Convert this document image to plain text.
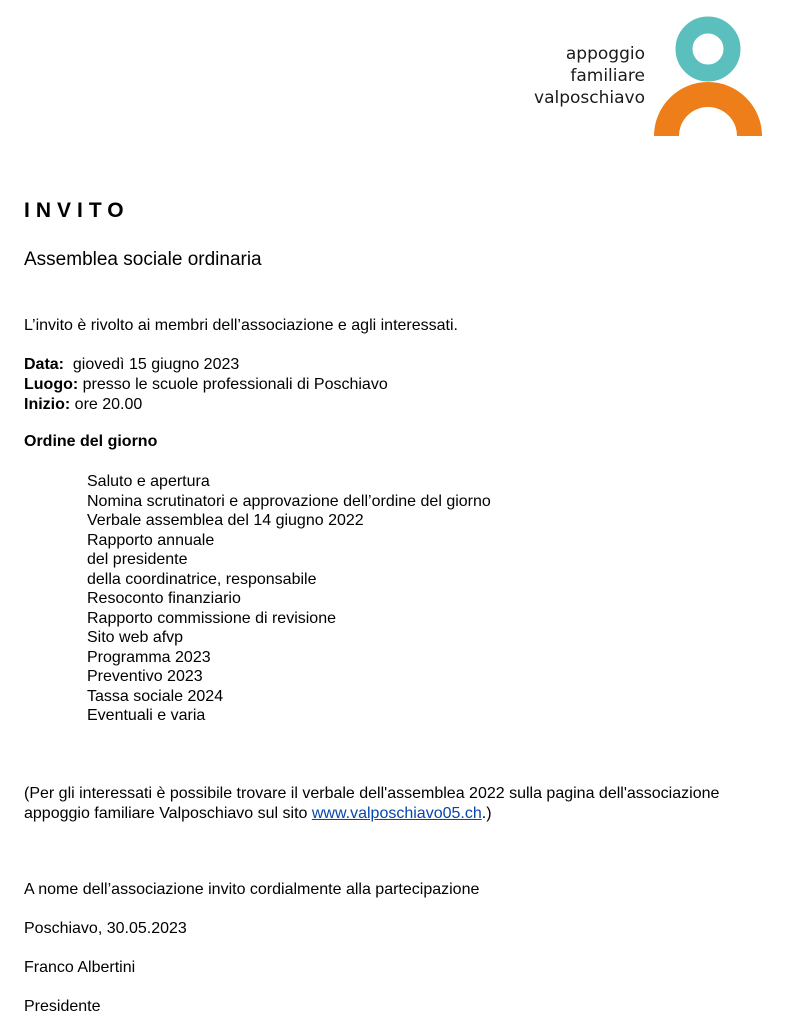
appoggio
familiare
valposchiavo
INVITO
Assemblea sociale ordinaria
L’invito è rivolto ai membri dell’associazione e agli interessati.
Data: giovedì 15 giugno 2023
Luogo: presso le scuole professionali di Poschiavo
Inizio: ore 20.00
Ordine del giorno
Saluto e apertura
Nomina scrutinatori e approvazione dell’ordine del giorno
Verbale assemblea del 14 giugno 2022
Rapporto annuale
del presidente
della coordinatrice, responsabile
Resoconto finanziario
Rapporto commissione di revisione
Sito web afvp
Programma 2023
Preventivo 2023
Tassa sociale 2024
Eventuali e varia
(Per gli interessati è possibile trovare il verbale dell'assemblea 2022 sulla pagina dell'associazione
appoggio familiare Valposchiavo sul sito www.valposchiavo05.ch.)
A nome dell’associazione invito cordialmente alla partecipazione
Poschiavo, 30.05.2023
Franco Albertini
Presidente
